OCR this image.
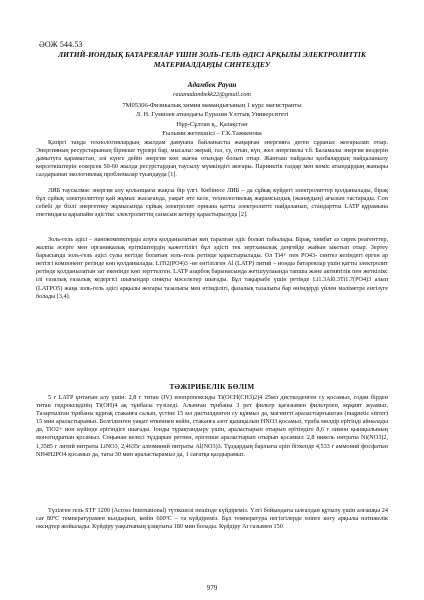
ӘОЖ 544.53
ЛИТИЙ-ИОНДЫҚ БАТАРЕЯЛАР ҮШІН ЗОЛЬ-ГЕЛЬ ӘДІСІ АРҚЫЛЫ ЭЛЕКТРОЛИТТІК МАТЕРИАЛДАРДЫ СИНТЕЗДЕУ
Адамбек Рауан
rauanadambekk22@gmail.com
7M05306-Физикалық химия мамандығының 1 курс магистранты
Л. Н. Гумилев атындағы Еуразия Ұлттық Университеті
Нұр-Сұлтан қ., Қазақстан
Ғылыми жетекшісі – Г.К.Тажкенова

Қазіргі таңда технологиялардың жылдам дамуына байланысты жаңарған энергияға деген сұраныс жоғарылап отыр. Энергияның ресурстарының бірнеше түрлері бар, мысалы: жерай, газ, су, отын, күн, жел энергиялы т.б. Баламалы энергия көздерін дамытуға қарамастан, әлі күнге дейін энергия көп жағна отындар болып отыр. Жанғыш пайдалы қазбалардың пайдаланылу көрсеткіштерін ескерсек 50-60 жылда ресурстардың таусылу мүмкіндігі жоғары. Парниктік газдар мен көміс атындардың жаныры салдарынан экологиялық проблемалар туындауда [1].

ЛИБ таусылмас энергия алу қольнщағы жақсы бір үлгі. Көбінесе ЛИБ – да сұйық күйдегі электролиттер қолданылады, бірақ бұл сұйық электролиттер қай жұмыс жасағанда, уақыт өте келе, технологиялық жарамсыздық (жанаудың) ағызып тастарады. Соп себебі де бізлі энергетику жұмысында сұйық электролит орнына қатты электролитті пайдаланып, стандартты LATP құрамына енетиндағы қарапайм әдістікс электролиттің сапасын кетеру қарастырылуда [2].

Золь-гель әдісі – нанокомпектерды алуға қолданылатын кең таралған әдіс болып табылады. Бірақ, химбат аз сирек реагенттер, жалпы әсерге мен органикалық еріткіштердің қажеттілігі бұл әдісті тек зертханалық деңгейде жайын ыкетып отыр. Зертеу барысында золь-гель әдісі сулы негізде болатын золь-гель ретінде қарастырылады. Ол Ti4+ пен PO43- синтез кезіндегі ерген ар нетізгі компонент ретінде көп қолданылады. LiTi2(PO4)3 -не енгізілген Al (LATP) литий – ионды батареялар үшін қатты электролит ретінде қолданылатын зат екенінде көп зерттелген. LATP азарбоқ барынасында жетшуулаында тапшы және активтілік пен жеткілікс ілі ғазалық ғазалық кедергісі шығындар сияқты мәселелер шығады. Бұл тақырыбе үшін ретінде Li1.3Al0.3Ti1.7(PO4)3 алып (LATPO5) жаңа золь-гель әдісі арқылы жоғары тазалығы мен өтімділігі, фазалық тазалығы бар өнімдерді үйлен мәліметре енгізуге болады [3,4].

ТӘЖІРИБЕЛІК БӨЛІМ

5 г LATP ұнтағын алу үшін: 2,8 г титан (IV) изопропоксиды Ti(OCH(CH3)2)4 25мл дистилденген су қосамыз, содан бірден титан гидроксидінің Ti(OH)4 ақ тұнбасы түзіледі. Алынған тұнбаны 3 рет фильтр қағазымен фильтрлеп, мұқият жуамыз. Тазартылған тұнбаны құрғақ стаканға салып, үстіне 15 мл дистилденген су құямыз да, магнитті араластырғыштан (magnetic stirrer) 15 мин араластырамыз. Белгіленген уақыт өткеннен кейін, стаканға азот қышқылын HNO3 қосамыз, тұнба мөлдір ерітінді айналады да, TiO2+ ион күйінде ерітіндіге шығады. Іонды тұрақтандыру үшін, араластырып отырып ерітіндіге 8,6 г лимон қышқылының моногидратын қосамыз. Соңынан келесі тұздарын ретпен, ерігенше араластырып отырып қосамыз: 2,8 никель нитраты Ni(NO3)2, 1,3585 г литий нитраты LiNO3, 2,4635г алюминий нитраты Al(NO3)3. Тұздардың барлығы еріп біткенде 4,533 г аммоний фосфатын NH4H2PO4 қосамыз да, тағы 30 мин араластырамыз да, 1 сағатқа қалдырамыз.

Түзілген гель STF 1200 (Across International) түтікшелі пешінде күйдіреміз. Үлгі бойындағы ылғалдан құтылу үшін алғашқы 24 сағ 80ºC температурамен кыздырып, кейін 600ºC – та күйдіреміз. Бұл температура негізгілерде өзінге көгу арқылы нәтижелік оксидтер жойылады. Күйдіру уақытының ұзақтығы 180 мин болады. Күйдіру Ar газымен 150

979
